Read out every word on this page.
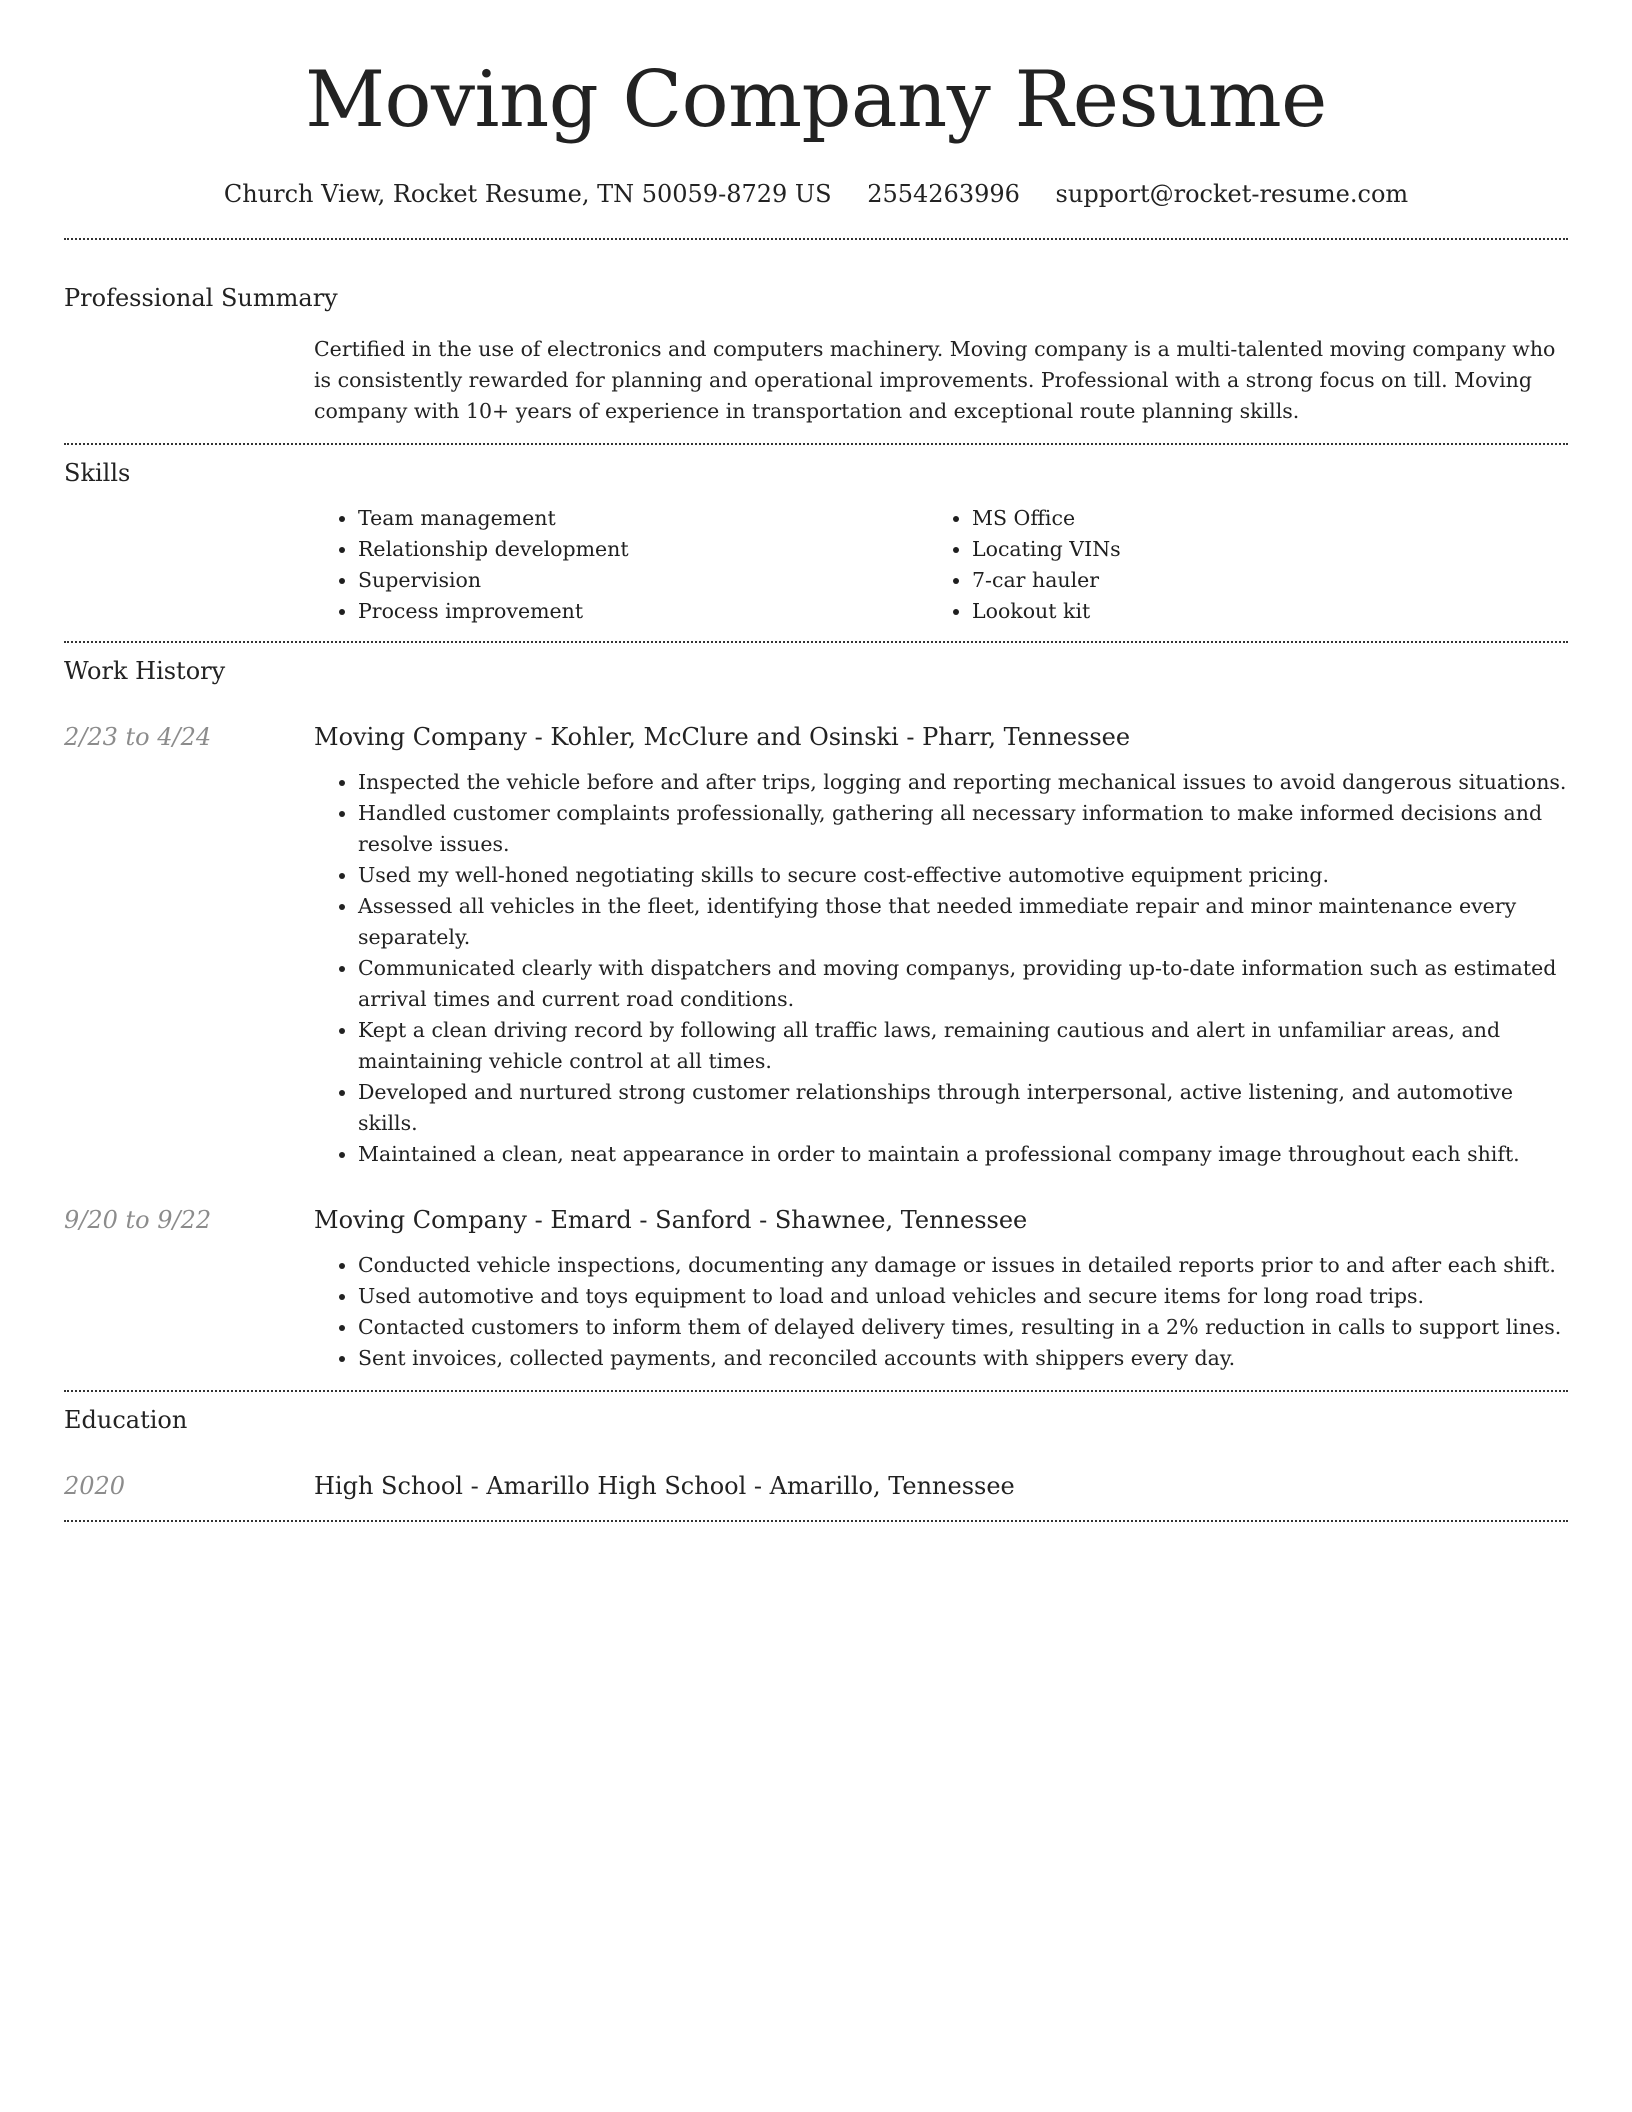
Moving Company Resume
Church View, Rocket Resume, TN 50059-8729 US 2554263996 support@rocket-resume.com
Professional Summary
Certified in the use of electronics and computers machinery. Moving company is a multi-talented moving company who is consistently rewarded for planning and operational improvements. Professional with a strong focus on till. Moving company with 10+ years of experience in transportation and exceptional route planning skills.
Skills
• Team management
• Relationship development
• Supervision
• Process improvement
• MS Office
• Locating VINs
• 7-car hauler
• Lookout kit
Work History
2/23 to 4/24	Moving Company - Kohler, McClure and Osinski - Pharr, Tennessee
• Inspected the vehicle before and after trips, logging and reporting mechanical issues to avoid dangerous situations.
• Handled customer complaints professionally, gathering all necessary information to make informed decisions and resolve issues.
• Used my well-honed negotiating skills to secure cost-effective automotive equipment pricing.
• Assessed all vehicles in the fleet, identifying those that needed immediate repair and minor maintenance every separately.
• Communicated clearly with dispatchers and moving companys, providing up-to-date information such as estimated arrival times and current road conditions.
• Kept a clean driving record by following all traffic laws, remaining cautious and alert in unfamiliar areas, and maintaining vehicle control at all times.
• Developed and nurtured strong customer relationships through interpersonal, active listening, and automotive skills.
• Maintained a clean, neat appearance in order to maintain a professional company image throughout each shift.
9/20 to 9/22	Moving Company - Emard - Sanford - Shawnee, Tennessee
• Conducted vehicle inspections, documenting any damage or issues in detailed reports prior to and after each shift.
• Used automotive and toys equipment to load and unload vehicles and secure items for long road trips.
• Contacted customers to inform them of delayed delivery times, resulting in a 2% reduction in calls to support lines.
• Sent invoices, collected payments, and reconciled accounts with shippers every day.
Education
2020	High School - Amarillo High School - Amarillo, Tennessee
